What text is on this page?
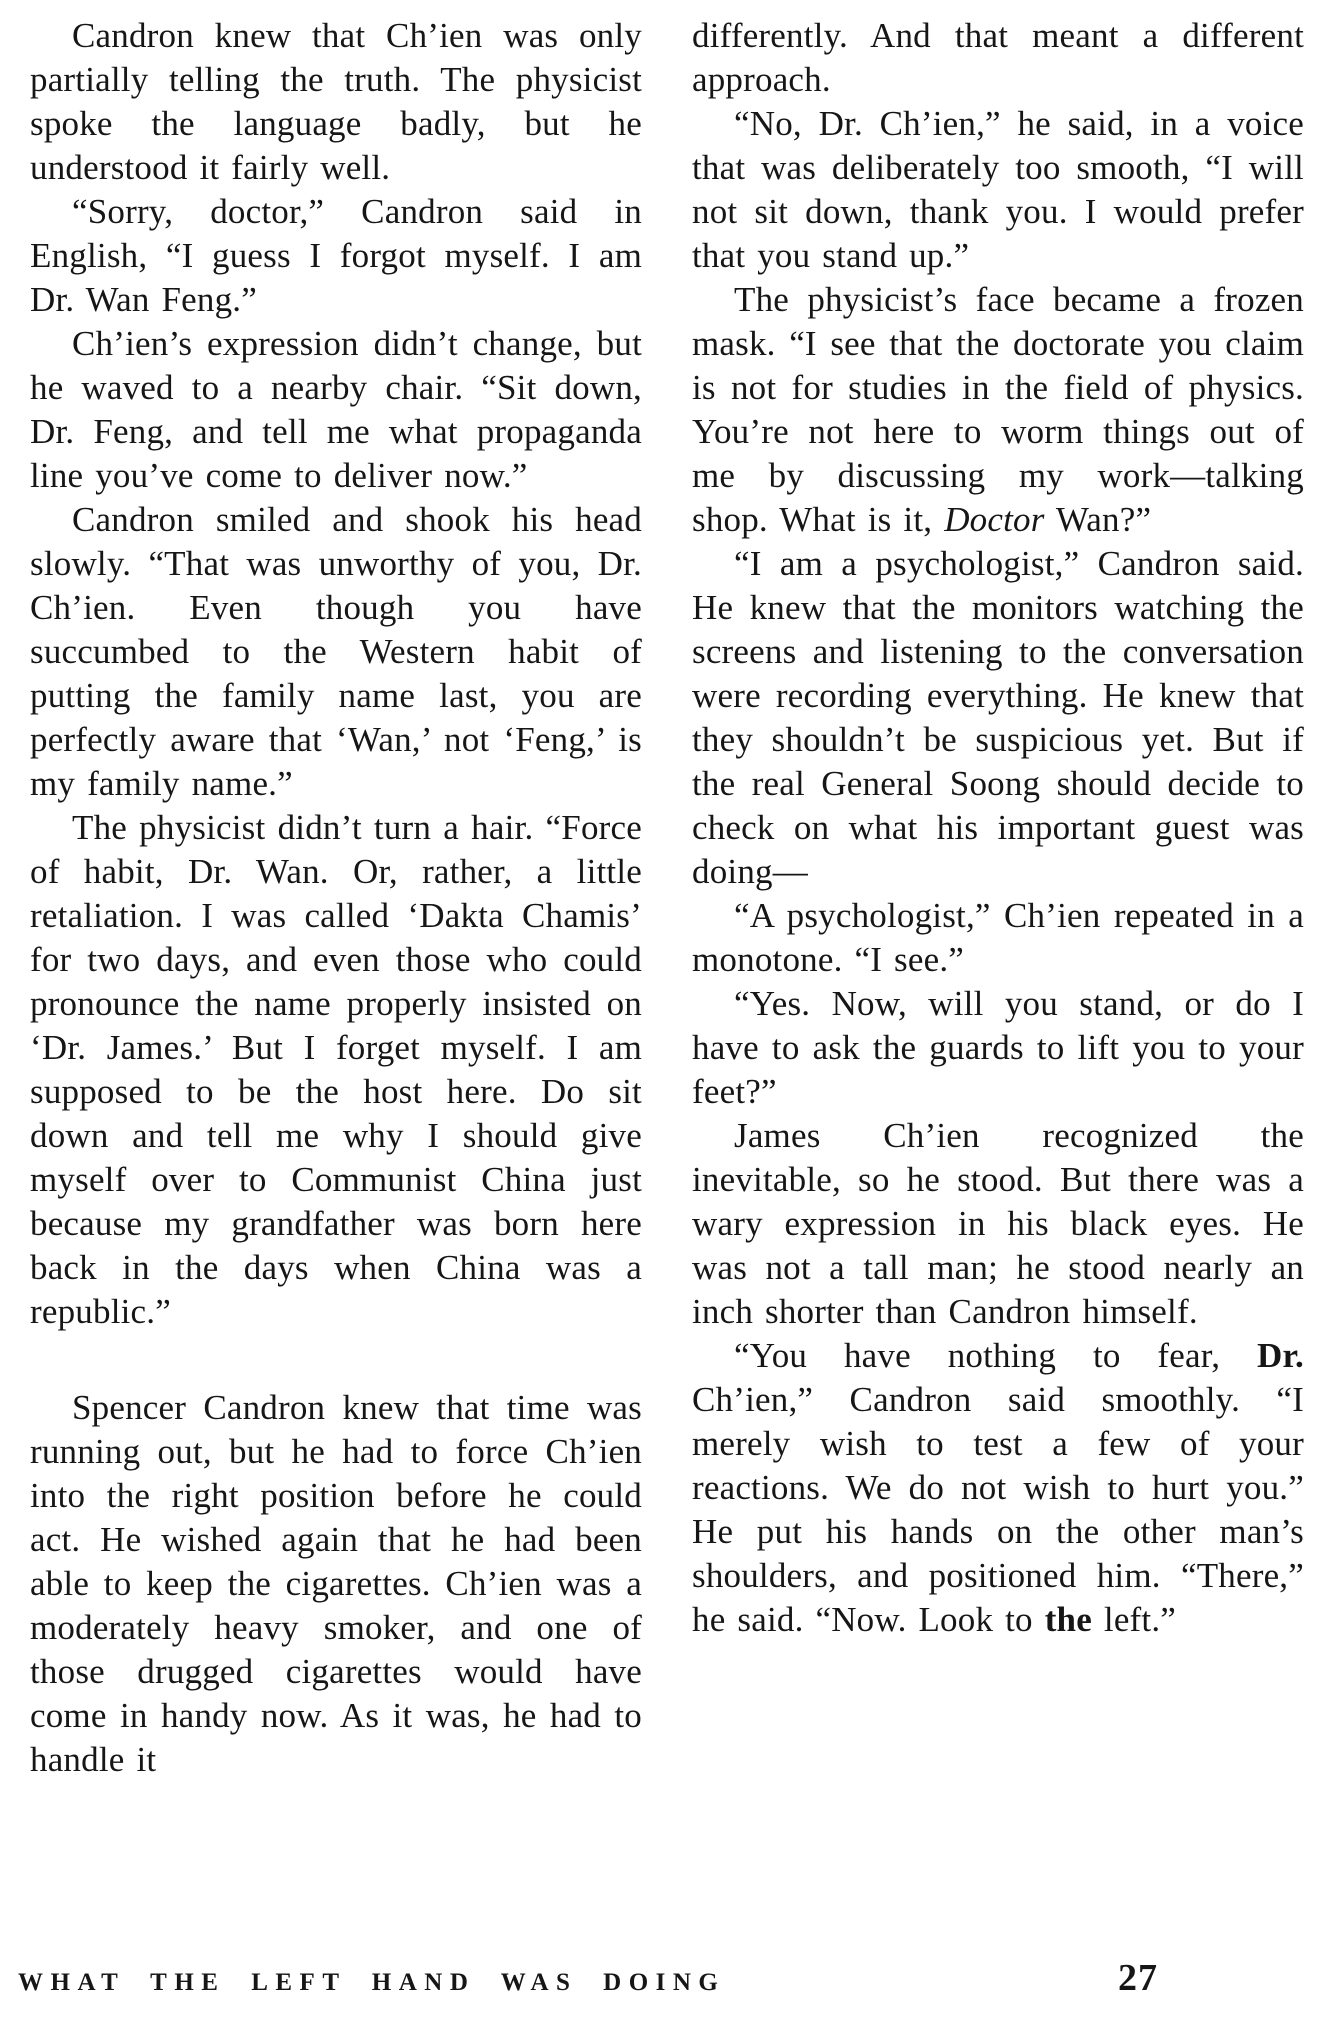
Candron knew that Ch’ien was only partially telling the truth. The physicist spoke the language badly, but he understood it fairly well.

“Sorry, doctor,” Candron said in English, “I guess I forgot myself. I am Dr. Wan Feng.”

Ch’ien’s expression didn’t change, but he waved to a nearby chair. “Sit down, Dr. Feng, and tell me what propaganda line you’ve come to deliver now.”

Candron smiled and shook his head slowly. “That was unworthy of you, Dr. Ch’ien. Even though you have succumbed to the Western habit of putting the family name last, you are perfectly aware that ‘Wan,’ not ‘Feng,’ is my family name.”

The physicist didn’t turn a hair. “Force of habit, Dr. Wan. Or, rather, a little retaliation. I was called ‘Dakta Chamis’ for two days, and even those who could pronounce the name properly insisted on ‘Dr. James.’ But I forget myself. I am supposed to be the host here. Do sit down and tell me why I should give myself over to Communist China just because my grandfather was born here back in the days when China was a republic.”

Spencer Candron knew that time was running out, but he had to force Ch’ien into the right position before he could act. He wished again that he had been able to keep the cigarettes. Ch’ien was a moderately heavy smoker, and one of those drugged cigarettes would have come in handy now. As it was, he had to handle it

differently. And that meant a different approach.

“No, Dr. Ch’ien,” he said, in a voice that was deliberately too smooth, “I will not sit down, thank you. I would prefer that you stand up.”

The physicist’s face became a frozen mask. “I see that the doctorate you claim is not for studies in the field of physics. You’re not here to worm things out of me by discussing my work—talking shop. What is it, Doctor Wan?”

“I am a psychologist,” Candron said. He knew that the monitors watching the screens and listening to the conversation were recording everything. He knew that they shouldn’t be suspicious yet. But if the real General Soong should decide to check on what his important guest was doing—

“A psychologist,” Ch’ien repeated in a monotone. “I see.”

“Yes. Now, will you stand, or do I have to ask the guards to lift you to your feet?”

James Ch’ien recognized the inevitable, so he stood. But there was a wary expression in his black eyes. He was not a tall man; he stood nearly an inch shorter than Candron himself.

“You have nothing to fear, Dr. Ch’ien,” Candron said smoothly. “I merely wish to test a few of your reactions. We do not wish to hurt you.” He put his hands on the other man’s shoulders, and positioned him. “There,” he said. “Now. Look to the left.”

WHAT THE LEFT HAND WAS DOING	27
